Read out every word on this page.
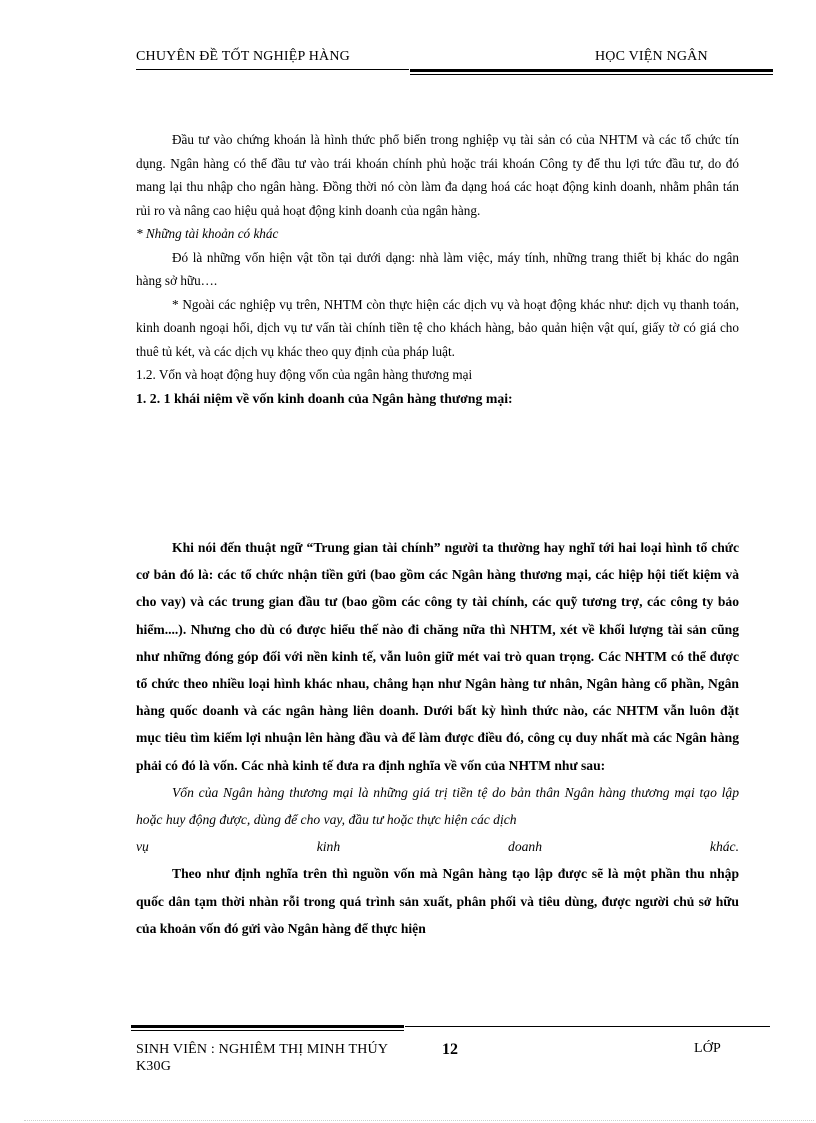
CHUYÊN ĐỀ TỐT NGHIỆP HÀNG	HỌC VIỆN NGÂN

Đầu tư vào chứng khoán là hình thức phổ biến trong nghiệp vụ tài sản có của NHTM và các tổ chức tín dụng. Ngân hàng có thể đầu tư vào trái khoán chính phủ hoặc trái khoán Công ty để thu lợi tức đầu tư, do đó mang lại thu nhập cho ngân hàng. Đồng thời nó còn làm đa dạng hoá các hoạt động kinh doanh, nhằm phân tán rủi ro và nâng cao hiệu quả hoạt động kinh doanh của ngân hàng.

* Những tài khoản có khác

Đó là những vốn hiện vật tồn tại dưới dạng: nhà làm việc, máy tính, những trang thiết bị khác do ngân hàng sở hữu….

* Ngoài các nghiệp vụ trên, NHTM còn thực hiện các dịch vụ và hoạt động khác như: dịch vụ thanh toán, kinh doanh ngoại hối, dịch vụ tư vấn tài chính tiền tệ cho khách hàng, bảo quản hiện vật quí, giấy tờ có giá cho thuê tủ két, và các dịch vụ khác theo quy định của pháp luật.

1.2. Vốn và hoạt động huy động vốn của ngân hàng thương mại

1. 2. 1 khái niệm về vốn kinh doanh của Ngân hàng thương mại:

Khi nói đến thuật ngữ “Trung gian tài chính” người ta thường hay nghĩ tới hai loại hình tổ chức cơ bản đó là: các tổ chức nhận tiền gửi (bao gồm các Ngân hàng thương mại, các hiệp hội tiết kiệm và cho vay) và các trung gian đầu tư (bao gồm các công ty tài chính, các quỹ tương trợ, các công ty bảo hiểm....). Nhưng cho dù có được hiểu thế nào đi chăng nữa thì NHTM, xét về khối lượng tài sản cũng như những đóng góp đối với nền kinh tế, vẫn luôn giữ mét vai trò quan trọng. Các NHTM có thể được tổ chức theo nhiều loại hình khác nhau, chẳng hạn như Ngân hàng tư nhân, Ngân hàng cổ phần, Ngân hàng quốc doanh và các ngân hàng liên doanh. Dưới bất kỳ hình thức nào, các NHTM vẫn luôn đặt mục tiêu tìm kiếm lợi nhuận lên hàng đầu và để làm được điều đó, công cụ duy nhất mà các Ngân hàng phải có đó là vốn. Các nhà kinh tế đưa ra định nghĩa về vốn của NHTM như sau:

Vốn của Ngân hàng thương mại là những giá trị tiền tệ do bản thân Ngân hàng thương mại tạo lập hoặc huy động được, dùng để cho vay, đầu tư hoặc thực hiện các dịch

vụ	kinh	doanh	khác.

Theo như định nghĩa trên thì nguồn vốn mà Ngân hàng tạo lập được sẽ là một phần thu nhập quốc dân tạm thời nhàn rỗi trong quá trình sản xuất, phân phối và tiêu dùng, được người chủ sở hữu của khoản vốn đó gửi vào Ngân hàng để thực hiện

SINH VIÊN : NGHIÊM THỊ MINH THÚY K30G
12	LỚP
